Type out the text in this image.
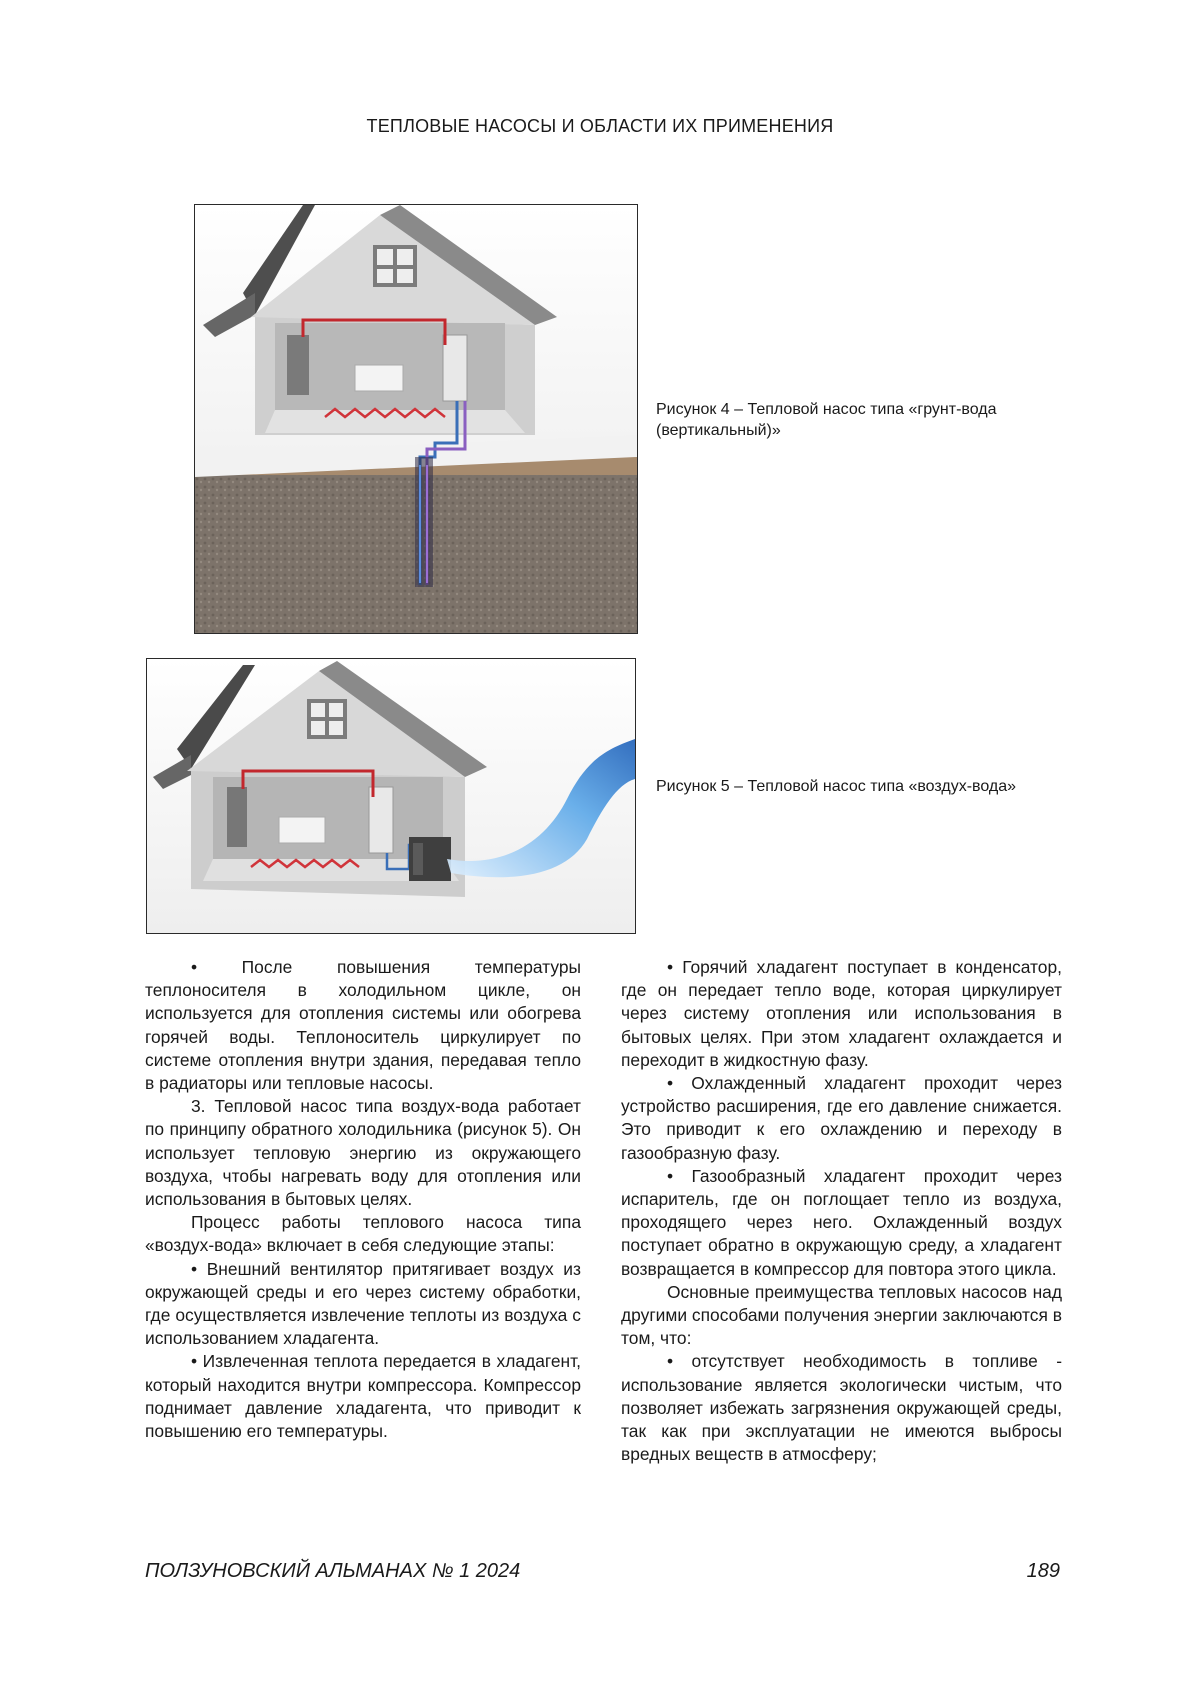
ТЕПЛОВЫЕ НАСОСЫ И ОБЛАСТИ ИХ ПРИМЕНЕНИЯ
Рисунок 4 – Тепловой насос типа «грунт-вода (вертикальный)»
Рисунок 5 – Тепловой насос типа «воздух-вода»

• После повышения температуры теплоносителя в холодильном цикле, он используется для отопления системы или обогрева горячей воды. Теплоноситель циркулирует по системе отопления внутри здания, передавая тепло в радиаторы или тепловые насосы.

3. Тепловой насос типа воздух-вода работает по принципу обратного холодильника (рисунок 5). Он использует тепловую энергию из окружающего воздуха, чтобы нагревать воду для отопления или использования в бытовых целях.

Процесс работы теплового насоса типа «воздух-вода» включает в себя следующие этапы:

• Внешний вентилятор притягивает воздух из окружающей среды и его через систему обработки, где осуществляется извлечение теплоты из воздуха с использованием хладагента.

• Извлеченная теплота передается в хладагент, который находится внутри компрессора. Компрессор поднимает давление хладагента, что приводит к повышению его температуры.

• Горячий хладагент поступает в конденсатор, где он передает тепло воде, которая циркулирует через систему отопления или использования в бытовых целях. При этом хладагент охлаждается и переходит в жидкостную фазу.

• Охлажденный хладагент проходит через устройство расширения, где его давление снижается. Это приводит к его охлаждению и переходу в газообразную фазу.

• Газообразный хладагент проходит через испаритель, где он поглощает тепло из воздуха, проходящего через него. Охлажденный воздух поступает обратно в окружающую среду, а хладагент возвращается в компрессор для повтора этого цикла.

Основные преимущества тепловых насосов над другими способами получения энергии заключаются в том, что:

• отсутствует необходимость в топливе - использование является экологически чистым, что позволяет избежать загрязнения окружающей среды, так как при эксплуатации не имеются выбросы вредных веществ в атмосферу;

ПОЛЗУНОВСКИЙ АЛЬМАНАХ № 1 2024	189
